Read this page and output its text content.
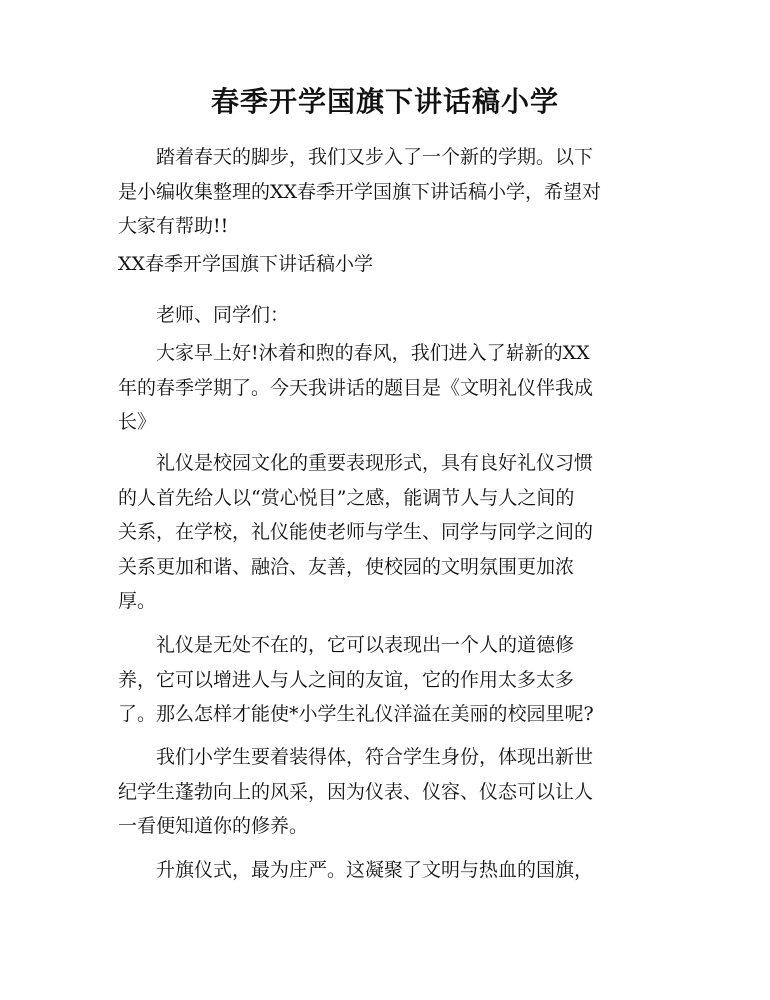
春季开学国旗下讲话稿小学

踏着春天的脚步，我们又步入了一个新的学期。以下

是小编收集整理的XX春季开学国旗下讲话稿小学，希望对

大家有帮助!!

XX春季开学国旗下讲话稿小学

老师、同学们：

大家早上好!沐着和煦的春风，我们进入了崭新的XX

年的春季学期了。今天我讲话的题目是《文明礼仪伴我成

长》

礼仪是校园文化的重要表现形式，具有良好礼仪习惯

的人首先给人以“赏心悦目”之感，能调节人与人之间的

关系，在学校，礼仪能使老师与学生、同学与同学之间的

关系更加和谐、融洽、友善，使校园的文明氛围更加浓

厚。

礼仪是无处不在的，它可以表现出一个人的道德修

养，它可以增进人与人之间的友谊，它的作用太多太多

了。那么怎样才能使*小学生礼仪洋溢在美丽的校园里呢?

我们小学生要着装得体，符合学生身份，体现出新世

纪学生蓬勃向上的风采，因为仪表、仪容、仪态可以让人

一看便知道你的修养。

升旗仪式，最为庄严。这凝聚了文明与热血的国旗，
